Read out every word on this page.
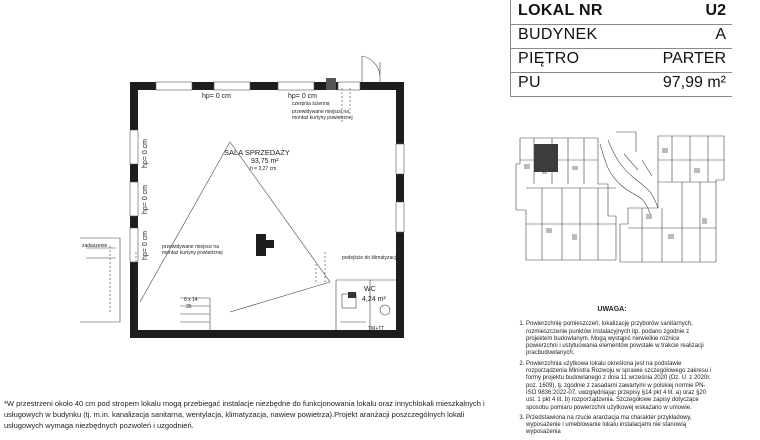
LOKAL NR	U2
BUDYNEK	A
PIĘTRO	PARTER
PU	97,99 m²
SALA SPRZEDAŻY
93,75 m²
h = 3,27 cm
hp= 0 cm	hp= 0 cm
hp= 0 cm
hp= 0 cm
hp= 0 cm
czerpnia ścienna
przewidywane miejsce na montaż kurtyny powietrznej
przewidywane miejsce na montaż kurtyny powietrznej
podejście do klimatyzacji
zadaszenie
WC
4,24 m²
6 x 14
35
TM+TT
UWAGA:
1. Powierzchnię pomieszczeń, lokalizację przyborów sanitarnych, rozmieszczenie punktów instalacyjnych itp. podano zgodnie z projektem budowlanym. Mogą wystąpić niewielkie różnice powierzchni i ustytuowania elementów powstałe w trakcie realizacji pracbudowlanych.
2. Powierzchnia użytkowa lokalu określona jest na podstawie rozporządzenia Ministra Rozwoju w sprawie szczegółowego zakresu i formy projektu budowlanego z dnia 11 września 2020 (Dz. U. z 2020r. poz. 1609), tj. zgodnie z zasadami zawartymi w polskiej normie PN-ISO 9836:2022-07, uwzględniając przepisy §14 pkt 4 lit. a) oraz §20 ust. 1 pkt 4 lit. b) rozporządzenia. Szczegółowe zapisy dotyczące sposobu pomiaru powierzchni użytkowej wskazano w umowie.
3. Przedstawiona na rzucie aranżacja ma charakter przykładowy, wyposażenie i umeblowanie lokalu instalacjami nie stanowią wyposażenia
*W przestrzeni około 40 cm pod stropem lokalu mogą przebiegać instalacje niezbędne do funkcjonowania lokalu oraz innychlokali mieszkalnych i usługowych w budynku (tj. m.in. kanalizacja sanitarna, wentylacja, klimatyzacja, nawiew powietrza).Projekt aranżacji poszczególnych lokali usługowych wymaga niezbędnych pozwoleń i uzgodnień.
